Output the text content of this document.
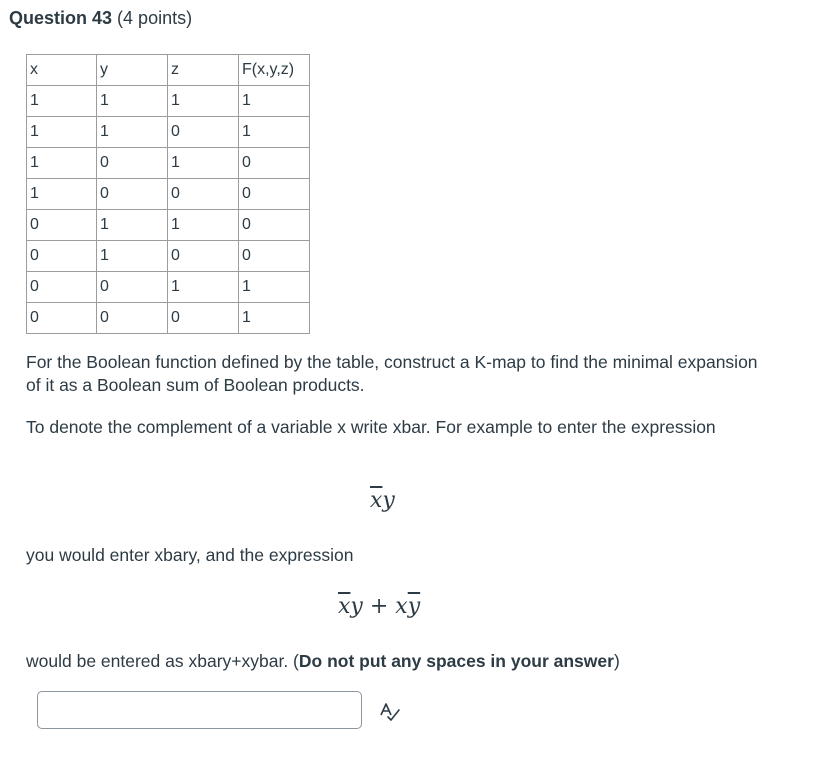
Question 43 (4 points)
x	y	z	F(x,y,z)
1	1	1	1
1	1	0	1
1	0	1	0
1	0	0	0
0	1	1	0
0	1	0	0
0	0	1	1
0	0	0	1
For the Boolean function defined by the table, construct a K-map to find the minimal expansion of it as a Boolean sum of Boolean products.
To denote the complement of a variable x write xbar. For example to enter the expression
$\overline{x}y$
you would enter xbary, and the expression
$\overline{x}y + x\overline{y}$
would be entered as xbary+xybar. (Do not put any spaces in your answer)
